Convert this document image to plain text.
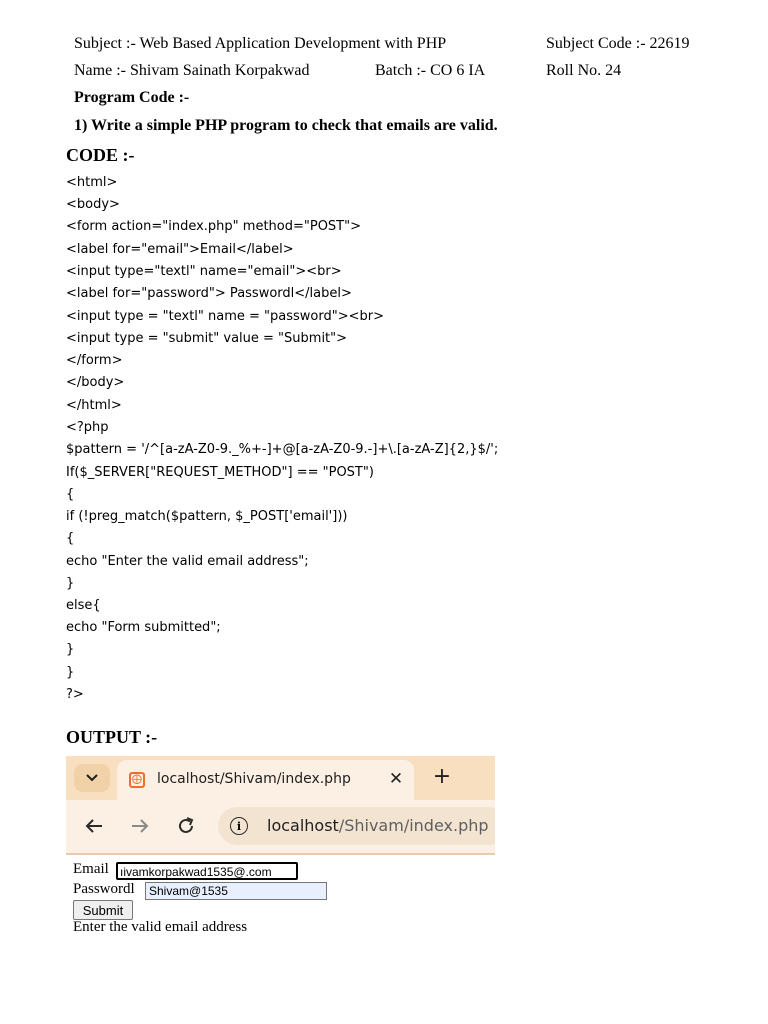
Subject :- Web Based Application Development with PHP	Subject Code :- 22619
Name :- Shivam Sainath Korpakwad	Batch :- CO 6 IA	Roll No. 24
Program Code :-
1) Write a simple PHP program to check that emails are valid.
CODE :-
<html>
<body>
<form action="index.php" method="POST">
<label for="email">Email</label>
<input type="textl" name="email"><br>
<label for="password"> Passwordl</label>
<input type = "textl" name = "password"><br>
<input type = "submit" value = "Submit">
</form>
</body>
</html>
<?php
$pattern = '/^[a-zA-Z0-9._%+-]+@[a-zA-Z0-9.-]+\.[a-zA-Z]{2,}$/';
If($_SERVER["REQUEST_METHOD"] == "POST")
{
if (!preg_match($pattern, $_POST['email']))
{
echo "Enter the valid email address";
}
else{
echo "Form submitted";
}
}
?>
OUTPUT :-
⨁ localhost/Shivam/index.php ✕ +
i	localhost/Shivam/index.php
Email ıivamkorpakwad1535@.com
Passwordl	Shivam@1535
Submit
Enter the valid email address
